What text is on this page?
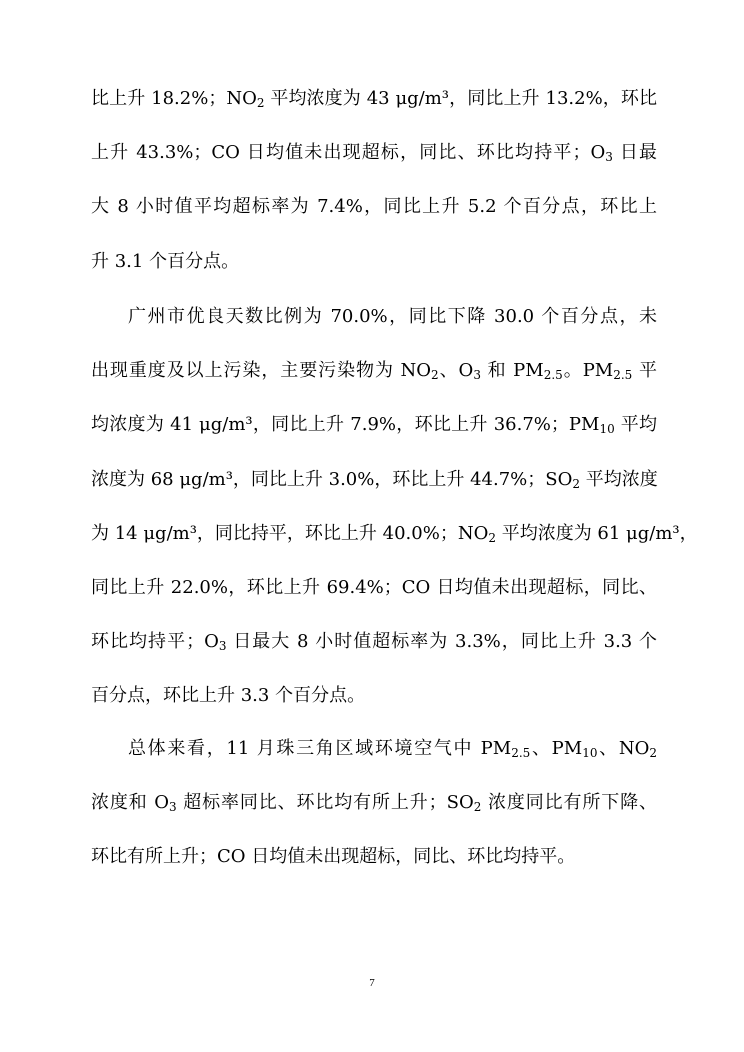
比上升 18.2%；$NO_2$ 平均浓度为 43 μg/m³，同比上升 13.2%，环比
上升 43.3%；CO 日均值未出现超标，同比、环比均持平；$O_3$ 日最
大 8 小时值平均超标率为 7.4%，同比上升 5.2 个百分点，环比上
升 3.1 个百分点。
广州市优良天数比例为 70.0%，同比下降 30.0 个百分点，未
出现重度及以上污染，主要污染物为 $NO_2$、$O_3$ 和 $PM_{2.5}$。$PM_{2.5}$ 平
均浓度为 41 μg/m³，同比上升 7.9%，环比上升 36.7%；$PM_{10}$ 平均
浓度为 68 μg/m³，同比上升 3.0%，环比上升 44.7%；$SO_2$ 平均浓度
为 14 μg/m³，同比持平，环比上升 40.0%；$NO_2$ 平均浓度为 61 μg/m³，
同比上升 22.0%，环比上升 69.4%；CO 日均值未出现超标，同比、
环比均持平；$O_3$ 日最大 8 小时值超标率为 3.3%，同比上升 3.3 个
百分点，环比上升 3.3 个百分点。
总体来看，11 月珠三角区域环境空气中 $PM_{2.5}$、$PM_{10}$、$NO_2$
浓度和 $O_3$ 超标率同比、环比均有所上升；$SO_2$ 浓度同比有所下降、
环比有所上升；CO 日均值未出现超标，同比、环比均持平。
7
